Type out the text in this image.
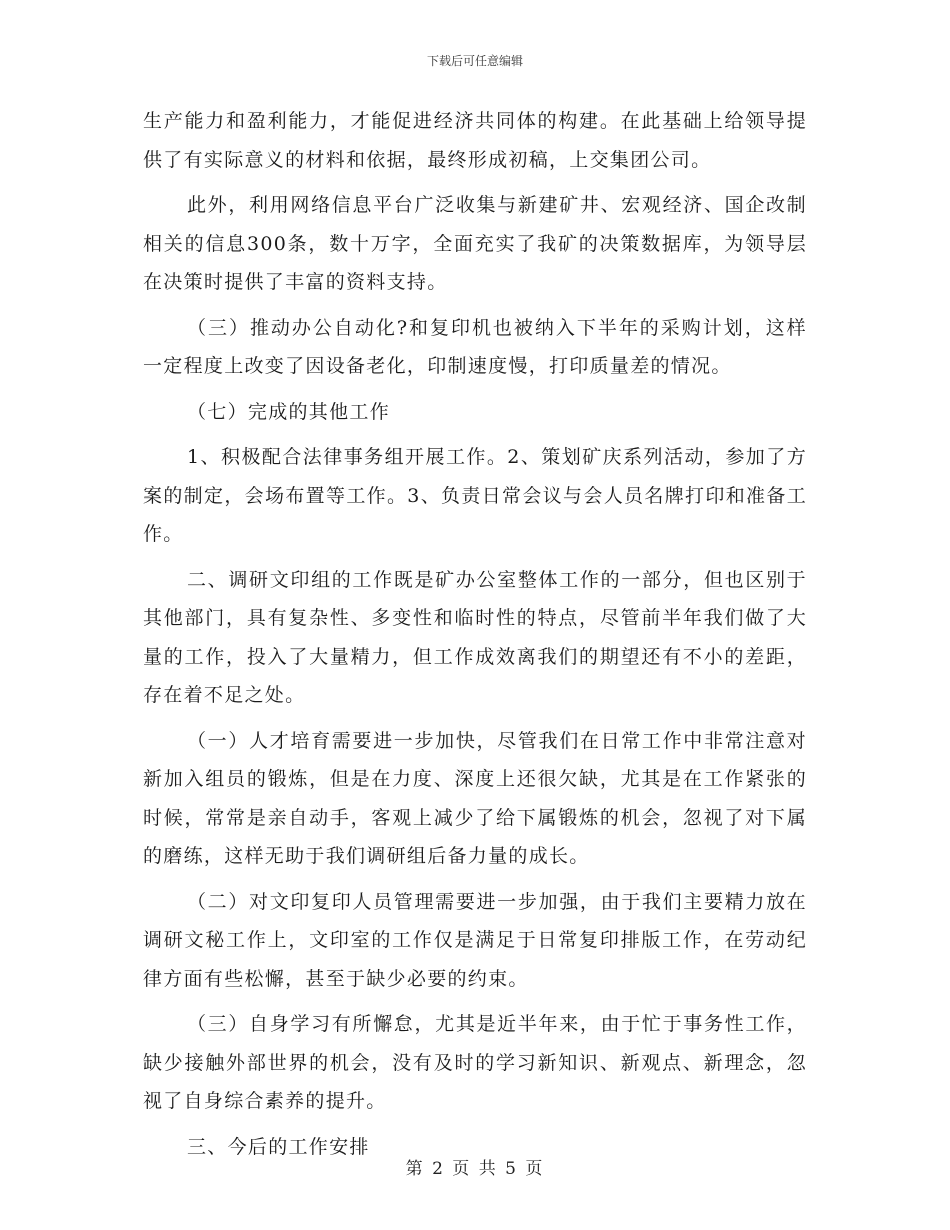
下载后可任意编辑

生产能力和盈利能力，才能促进经济共同体的构建。在此基础上给领导提供了有实际意义的材料和依据，最终形成初稿，上交集团公司。

此外，利用网络信息平台广泛收集与新建矿井、宏观经济、国企改制相关的信息300条，数十万字，全面充实了我矿的决策数据库，为领导层在决策时提供了丰富的资料支持。

（三）推动办公自动化?和复印机也被纳入下半年的采购计划，这样一定程度上改变了因设备老化，印制速度慢，打印质量差的情况。

（七）完成的其他工作

1、积极配合法律事务组开展工作。2、策划矿庆系列活动，参加了方案的制定，会场布置等工作。3、负责日常会议与会人员名牌打印和准备工作。

二、调研文印组的工作既是矿办公室整体工作的一部分，但也区别于其他部门，具有复杂性、多变性和临时性的特点，尽管前半年我们做了大量的工作，投入了大量精力，但工作成效离我们的期望还有不小的差距，存在着不足之处。

（一）人才培育需要进一步加快，尽管我们在日常工作中非常注意对新加入组员的锻炼，但是在力度、深度上还很欠缺，尤其是在工作紧张的时候，常常是亲自动手，客观上减少了给下属锻炼的机会，忽视了对下属的磨练，这样无助于我们调研组后备力量的成长。

（二）对文印复印人员管理需要进一步加强，由于我们主要精力放在调研文秘工作上，文印室的工作仅是满足于日常复印排版工作，在劳动纪律方面有些松懈，甚至于缺少必要的约束。

（三）自身学习有所懈怠，尤其是近半年来，由于忙于事务性工作，缺少接触外部世界的机会，没有及时的学习新知识、新观点、新理念，忽视了自身综合素养的提升。

三、今后的工作安排

第 2 页 共 5 页
